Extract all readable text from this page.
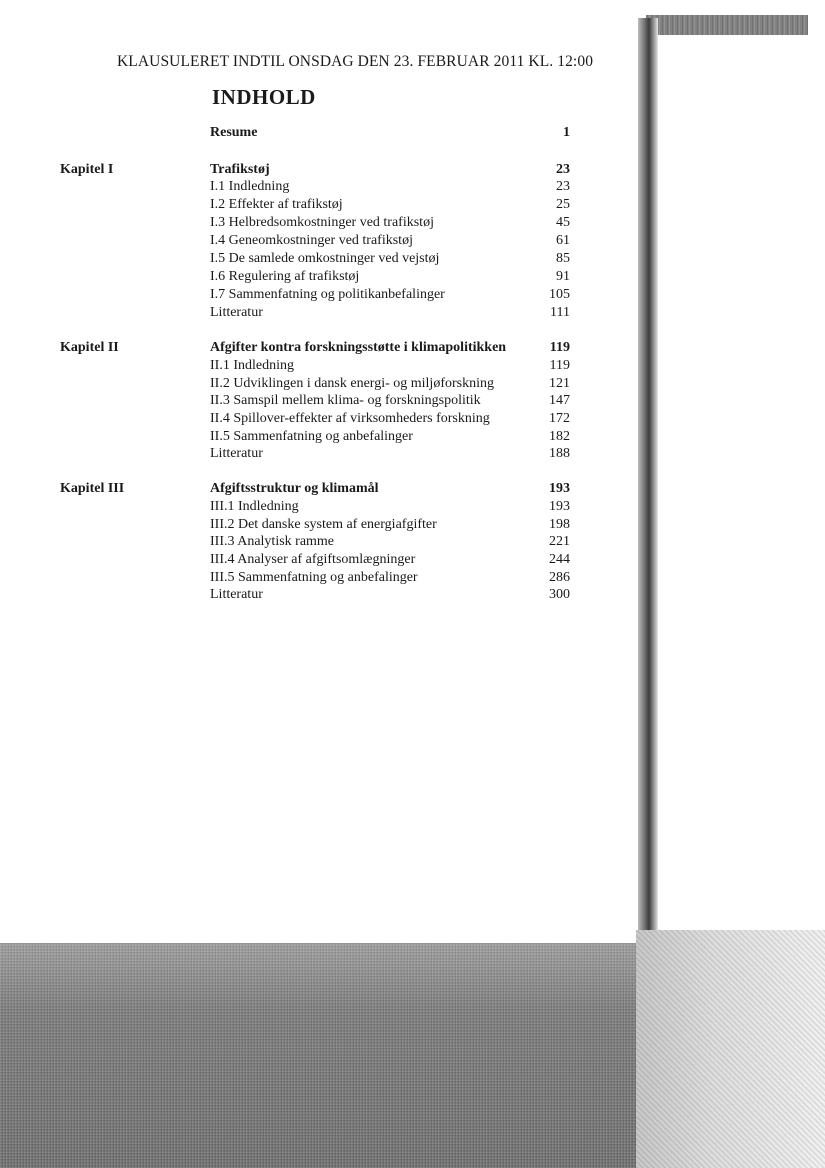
KLAUSULERET INDTIL ONSDAG DEN 23. FEBRUAR 2011 KL. 12:00
INDHOLD
Resume	1
Kapitel I	Trafikstøj	23
I.1 Indledning	23
I.2 Effekter af trafikstøj	25
I.3 Helbredsomkostninger ved trafikstøj	45
I.4 Geneomkostninger ved trafikstøj	61
I.5 De samlede omkostninger ved vejstøj	85
I.6 Regulering af trafikstøj	91
I.7 Sammenfatning og politikanbefalinger	105
Litteratur	111
Kapitel II	Afgifter kontra forskningsstøtte i klimapolitikken	119
II.1 Indledning	119
II.2 Udviklingen i dansk energi- og miljøforskning	121
II.3 Samspil mellem klima- og forskningspolitik	147
II.4 Spillover-effekter af virksomheders forskning	172
II.5 Sammenfatning og anbefalinger	182
Litteratur	188
Kapitel III	Afgiftsstruktur og klimamål	193
III.1 Indledning	193
III.2 Det danske system af energiafgifter	198
III.3 Analytisk ramme	221
III.4 Analyser af afgiftsomlægninger	244
III.5 Sammenfatning og anbefalinger	286
Litteratur	300
